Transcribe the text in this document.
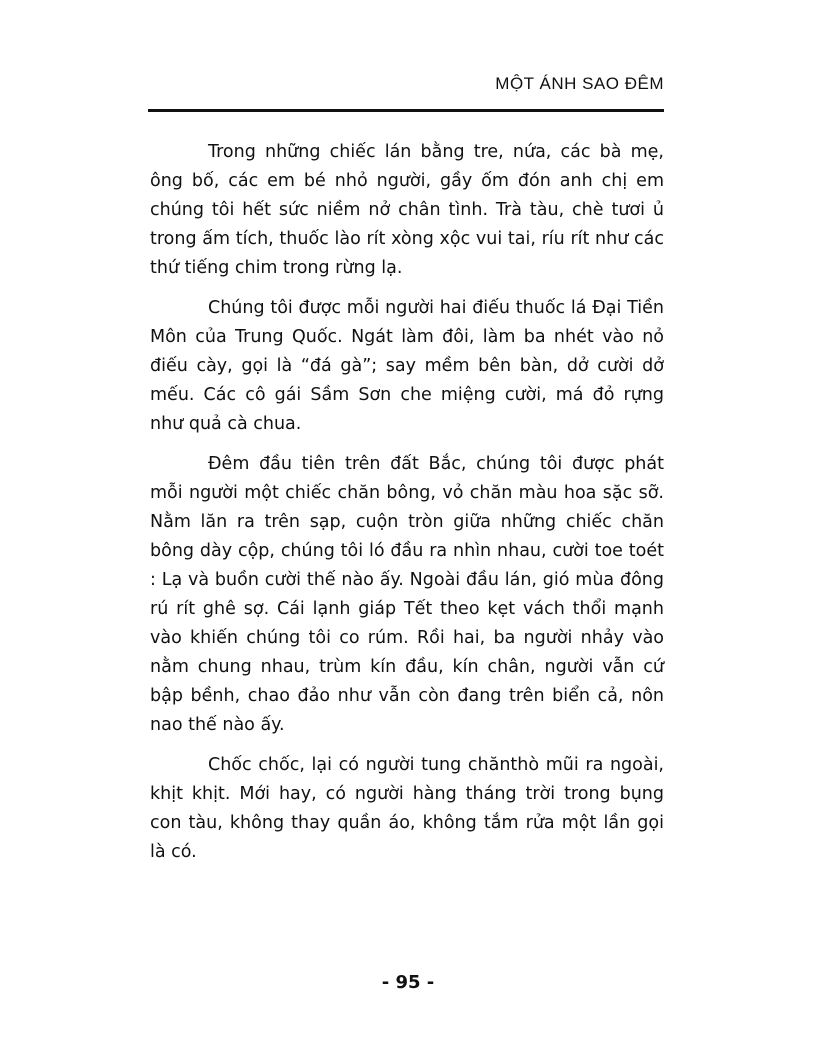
MỘT ÁNH SAO ĐÊM

Trong những chiếc lán bằng tre, nứa, các bà mẹ, ông bố, các em bé nhỏ người, gầy ốm đón anh chị em chúng tôi hết sức niềm nở chân tình. Trà tàu, chè tươi ủ trong ấm tích, thuốc lào rít xòng xộc vui tai, ríu rít như các thứ tiếng chim trong rừng lạ.

Chúng tôi được mỗi người hai điếu thuốc lá Đại Tiền Môn của Trung Quốc. Ngát làm đôi, làm ba nhét vào nỏ điếu cày, gọi là “đá gà”; say mềm bên bàn, dở cười dở mếu. Các cô gái Sầm Sơn che miệng cười, má đỏ rựng như quả cà chua.

Đêm đầu tiên trên đất Bắc, chúng tôi được phát mỗi người một chiếc chăn bông, vỏ chăn màu hoa sặc sỡ. Nằm lăn ra trên sạp, cuộn tròn giữa những chiếc chăn bông dày cộp, chúng tôi ló đầu ra nhìn nhau, cười toe toét : Lạ và buồn cười thế nào ấy. Ngoài đầu lán, gió mùa đông rú rít ghê sợ. Cái lạnh giáp Tết theo kẹt vách thổi mạnh vào khiến chúng tôi co rúm. Rồi hai, ba người nhảy vào nằm chung nhau, trùm kín đầu, kín chân, người vẫn cứ bập bềnh, chao đảo như vẫn còn đang trên biển cả, nôn nao thế nào ấy.

Chốc chốc, lại có người tung chănthò mũi ra ngoài, khịt khịt. Mới hay, có người hàng tháng trời trong bụng con tàu, không thay quần áo, không tắm rửa một lần gọi là có.

- 95 -
